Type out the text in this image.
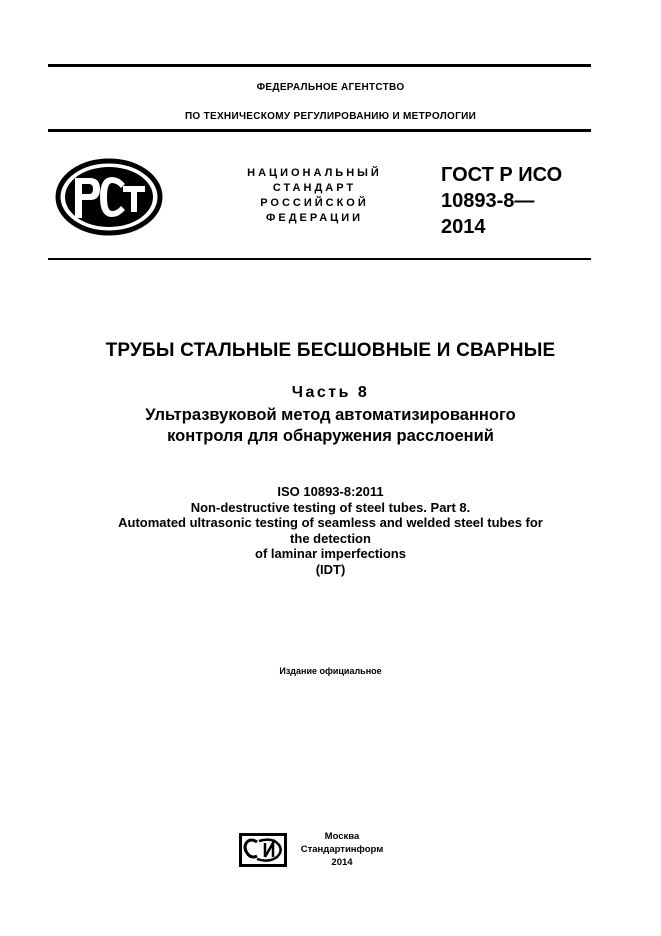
ФЕДЕРАЛЬНОЕ АГЕНТСТВО
ПО ТЕХНИЧЕСКОМУ РЕГУЛИРОВАНИЮ И МЕТРОЛОГИИ
НАЦИОНАЛЬНЫЙ
СТАНДАРТ
РОССИЙСКОЙ
ФЕДЕРАЦИИ
ГОСТ Р ИСО
10893-8—
2014
ТРУБЫ СТАЛЬНЫЕ БЕСШОВНЫЕ И СВАРНЫЕ
Часть 8
Ультразвуковой метод автоматизированного
контроля для обнаружения расслоений
ISO 10893-8:2011
Non-destructive testing of steel tubes. Part 8.
Automated ultrasonic testing of seamless and welded steel tubes for
the detection
of laminar imperfections
(IDT)
Издание официальное
Москва
Стандартинформ
2014
